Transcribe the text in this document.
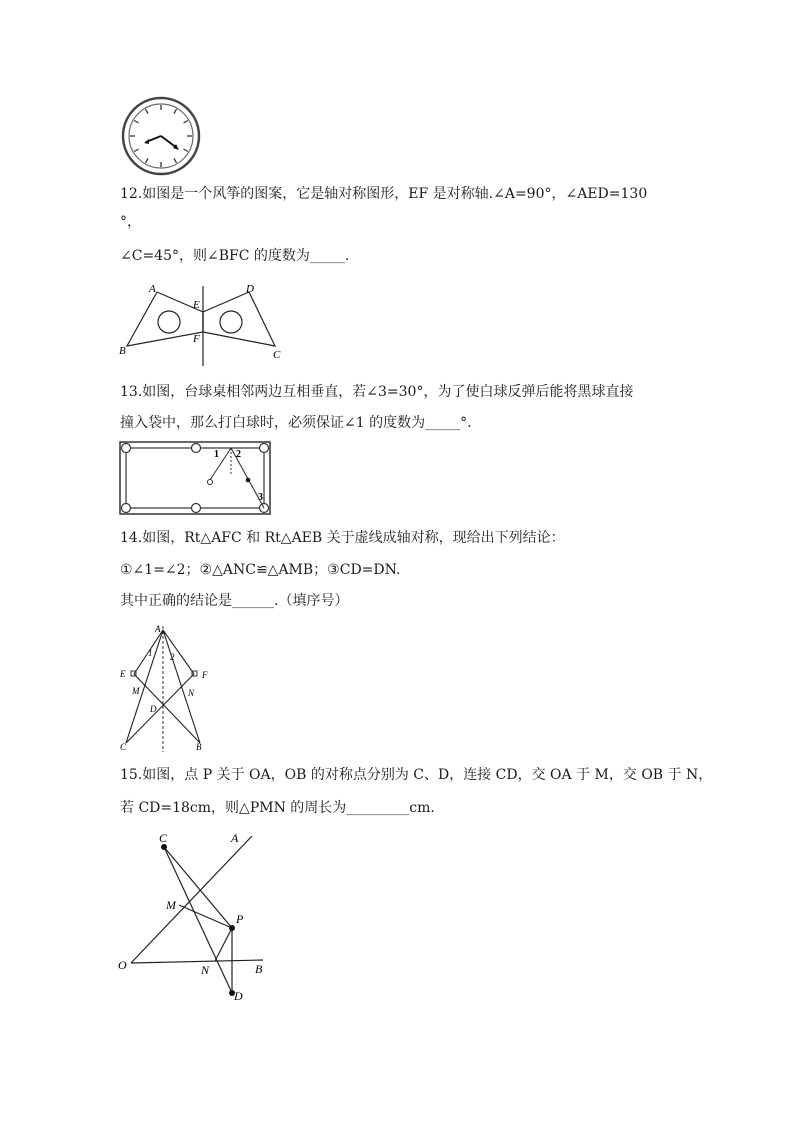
12.如图是一个风筝的图案，它是轴对称图形，EF 是对称轴.∠A=90°，∠AED=130
°，
∠C=45°，则∠BFC 的度数为_____.
A	D
E
F
B	C
13.如图，台球桌相邻两边互相垂直，若∠3=30°，为了使白球反弹后能将黑球直接
撞入袋中，那么打白球时，必须保证∠1 的度数为_____°.
1 2
3
14.如图，Rt△AFC 和 Rt△AEB 关于虚线成轴对称，现给出下列结论：
①∠1=∠2；②△ANC≌△AMB；③CD=DN.
其中正确的结论是______.（填序号）
A
E	F
M	N
D
C	B
1 2
15.如图，点 P 关于 OA，OB 的对称点分别为 C、D，连接 CD，交 OA 于 M，交 OB 于 N，
若 CD=18cm，则△PMN 的周长为_________cm.
C	A
M
P
O	N	B
D
